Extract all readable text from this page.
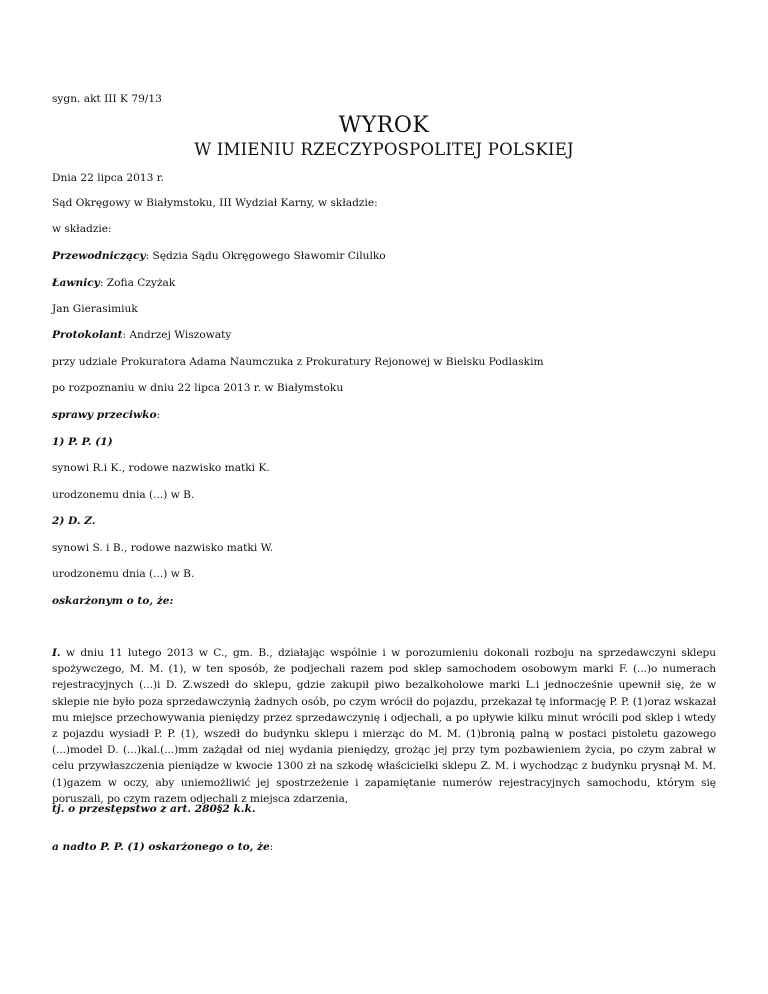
sygn. akt III K 79/13
WYROK
W IMIENIU RZECZYPOSPOLITEJ POLSKIEJ
Dnia 22 lipca 2013 r.
Sąd Okręgowy w Białymstoku, III Wydział Karny, w składzie:
w składzie:
Przewodniczący: Sędzia Sądu Okręgowego Sławomir Cilulko
Ławnicy: Zofia Czyżak
Jan Gierasimiuk
Protokolant: Andrzej Wiszowaty
przy udziale Prokuratora Adama Naumczuka z Prokuratury Rejonowej w Bielsku Podlaskim
po rozpoznaniu w dniu 22 lipca 2013 r. w Białymstoku
sprawy przeciwko:
1) P. P. (1)
synowi R.i K., rodowe nazwisko matki K.
urodzonemu dnia (...) w B.
2) D. Z.
synowi S. i B., rodowe nazwisko matki W.
urodzonemu dnia (...) w B.
oskarżonym o to, że:
I. w dniu 11 lutego 2013 w C., gm. B., działając wspólnie i w porozumieniu dokonali rozboju na sprzedawczyni sklepu spożywczego, M. M. (1), w ten sposób, że podjechali razem pod sklep samochodem osobowym marki F. (...)o numerach rejestracyjnych (...)i D. Z.wszedł do sklepu, gdzie zakupił piwo bezalkoholowe marki L.i jednocześnie upewnił się, że w sklepie nie było poza sprzedawczynią żadnych osób, po czym wrócił do pojazdu, przekazał tę informację P. P. (1)oraz wskazał mu miejsce przechowywania pieniędzy przez sprzedawczynię i odjechali, a po upływie kilku minut wrócili pod sklep i wtedy z pojazdu wysiadł P. P. (1), wszedł do budynku sklepu i mierząc do M. M. (1)bronią palną w postaci pistoletu gazowego (...)model D. (...)kal.(...)mm zażądał od niej wydania pieniędzy, grożąc jej przy tym pozbawieniem życia, po czym zabrał w celu przywłaszczenia pieniądze w kwocie 1300 zł na szkodę właścicielki sklepu Z. M. i wychodząc z budynku prysnął M. M. (1)gazem w oczy, aby uniemożliwić jej spostrzeżenie i zapamiętanie numerów rejestracyjnych samochodu, którym się poruszali, po czym razem odjechali z miejsca zdarzenia,
tj. o przestępstwo z art. 280§2 k.k.
a nadto P. P. (1) oskarżonego o to, że:
